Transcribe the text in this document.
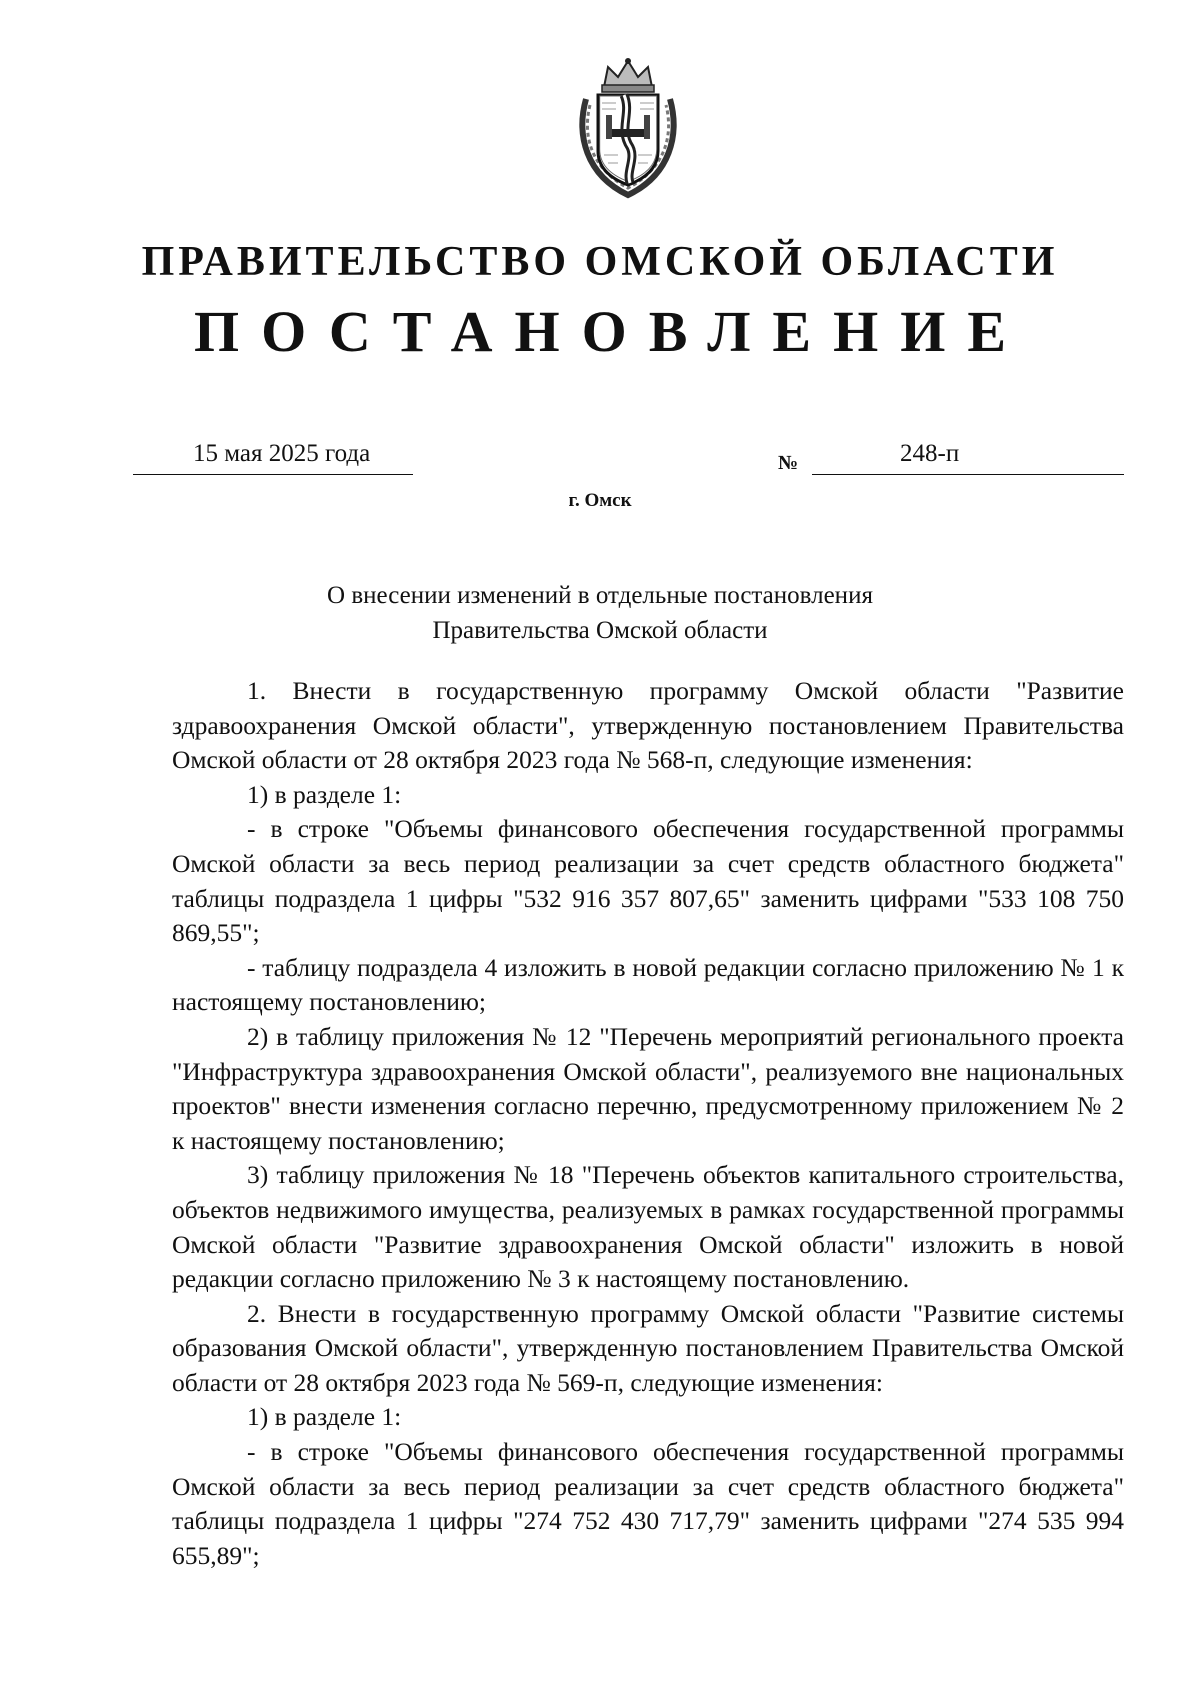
ПРАВИТЕЛЬСТВО ОМСКОЙ ОБЛАСТИ
ПОСТАНОВЛЕНИЕ
15 мая 2025 года	№	248-п
г. Омск
О внесении изменений в отдельные постановления
Правительства Омской области

1. Внести в государственную программу Омской области "Развитие здравоохранения Омской области", утвержденную постановлением Правительства Омской области от 28 октября 2023 года № 568-п, следующие изменения:

1) в разделе 1:

- в строке "Объемы финансового обеспечения государственной программы Омской области за весь период реализации за счет средств областного бюджета" таблицы подраздела 1 цифры "532 916 357 807,65" заменить цифрами "533 108 750 869,55";

- таблицу подраздела 4 изложить в новой редакции согласно приложению № 1 к настоящему постановлению;

2) в таблицу приложения № 12 "Перечень мероприятий регионального проекта "Инфраструктура здравоохранения Омской области", реализуемого вне национальных проектов" внести изменения согласно перечню, предусмотренному приложением № 2 к настоящему постановлению;

3) таблицу приложения № 18 "Перечень объектов капитального строительства, объектов недвижимого имущества, реализуемых в рамках государственной программы Омской области "Развитие здравоохранения Омской области" изложить в новой редакции согласно приложению № 3 к настоящему постановлению.

2. Внести в государственную программу Омской области "Развитие системы образования Омской области", утвержденную постановлением Правительства Омской области от 28 октября 2023 года № 569-п, следующие изменения:

1) в разделе 1:

- в строке "Объемы финансового обеспечения государственной программы Омской области за весь период реализации за счет средств областного бюджета" таблицы подраздела 1 цифры "274 752 430 717,79" заменить цифрами "274 535 994 655,89";
